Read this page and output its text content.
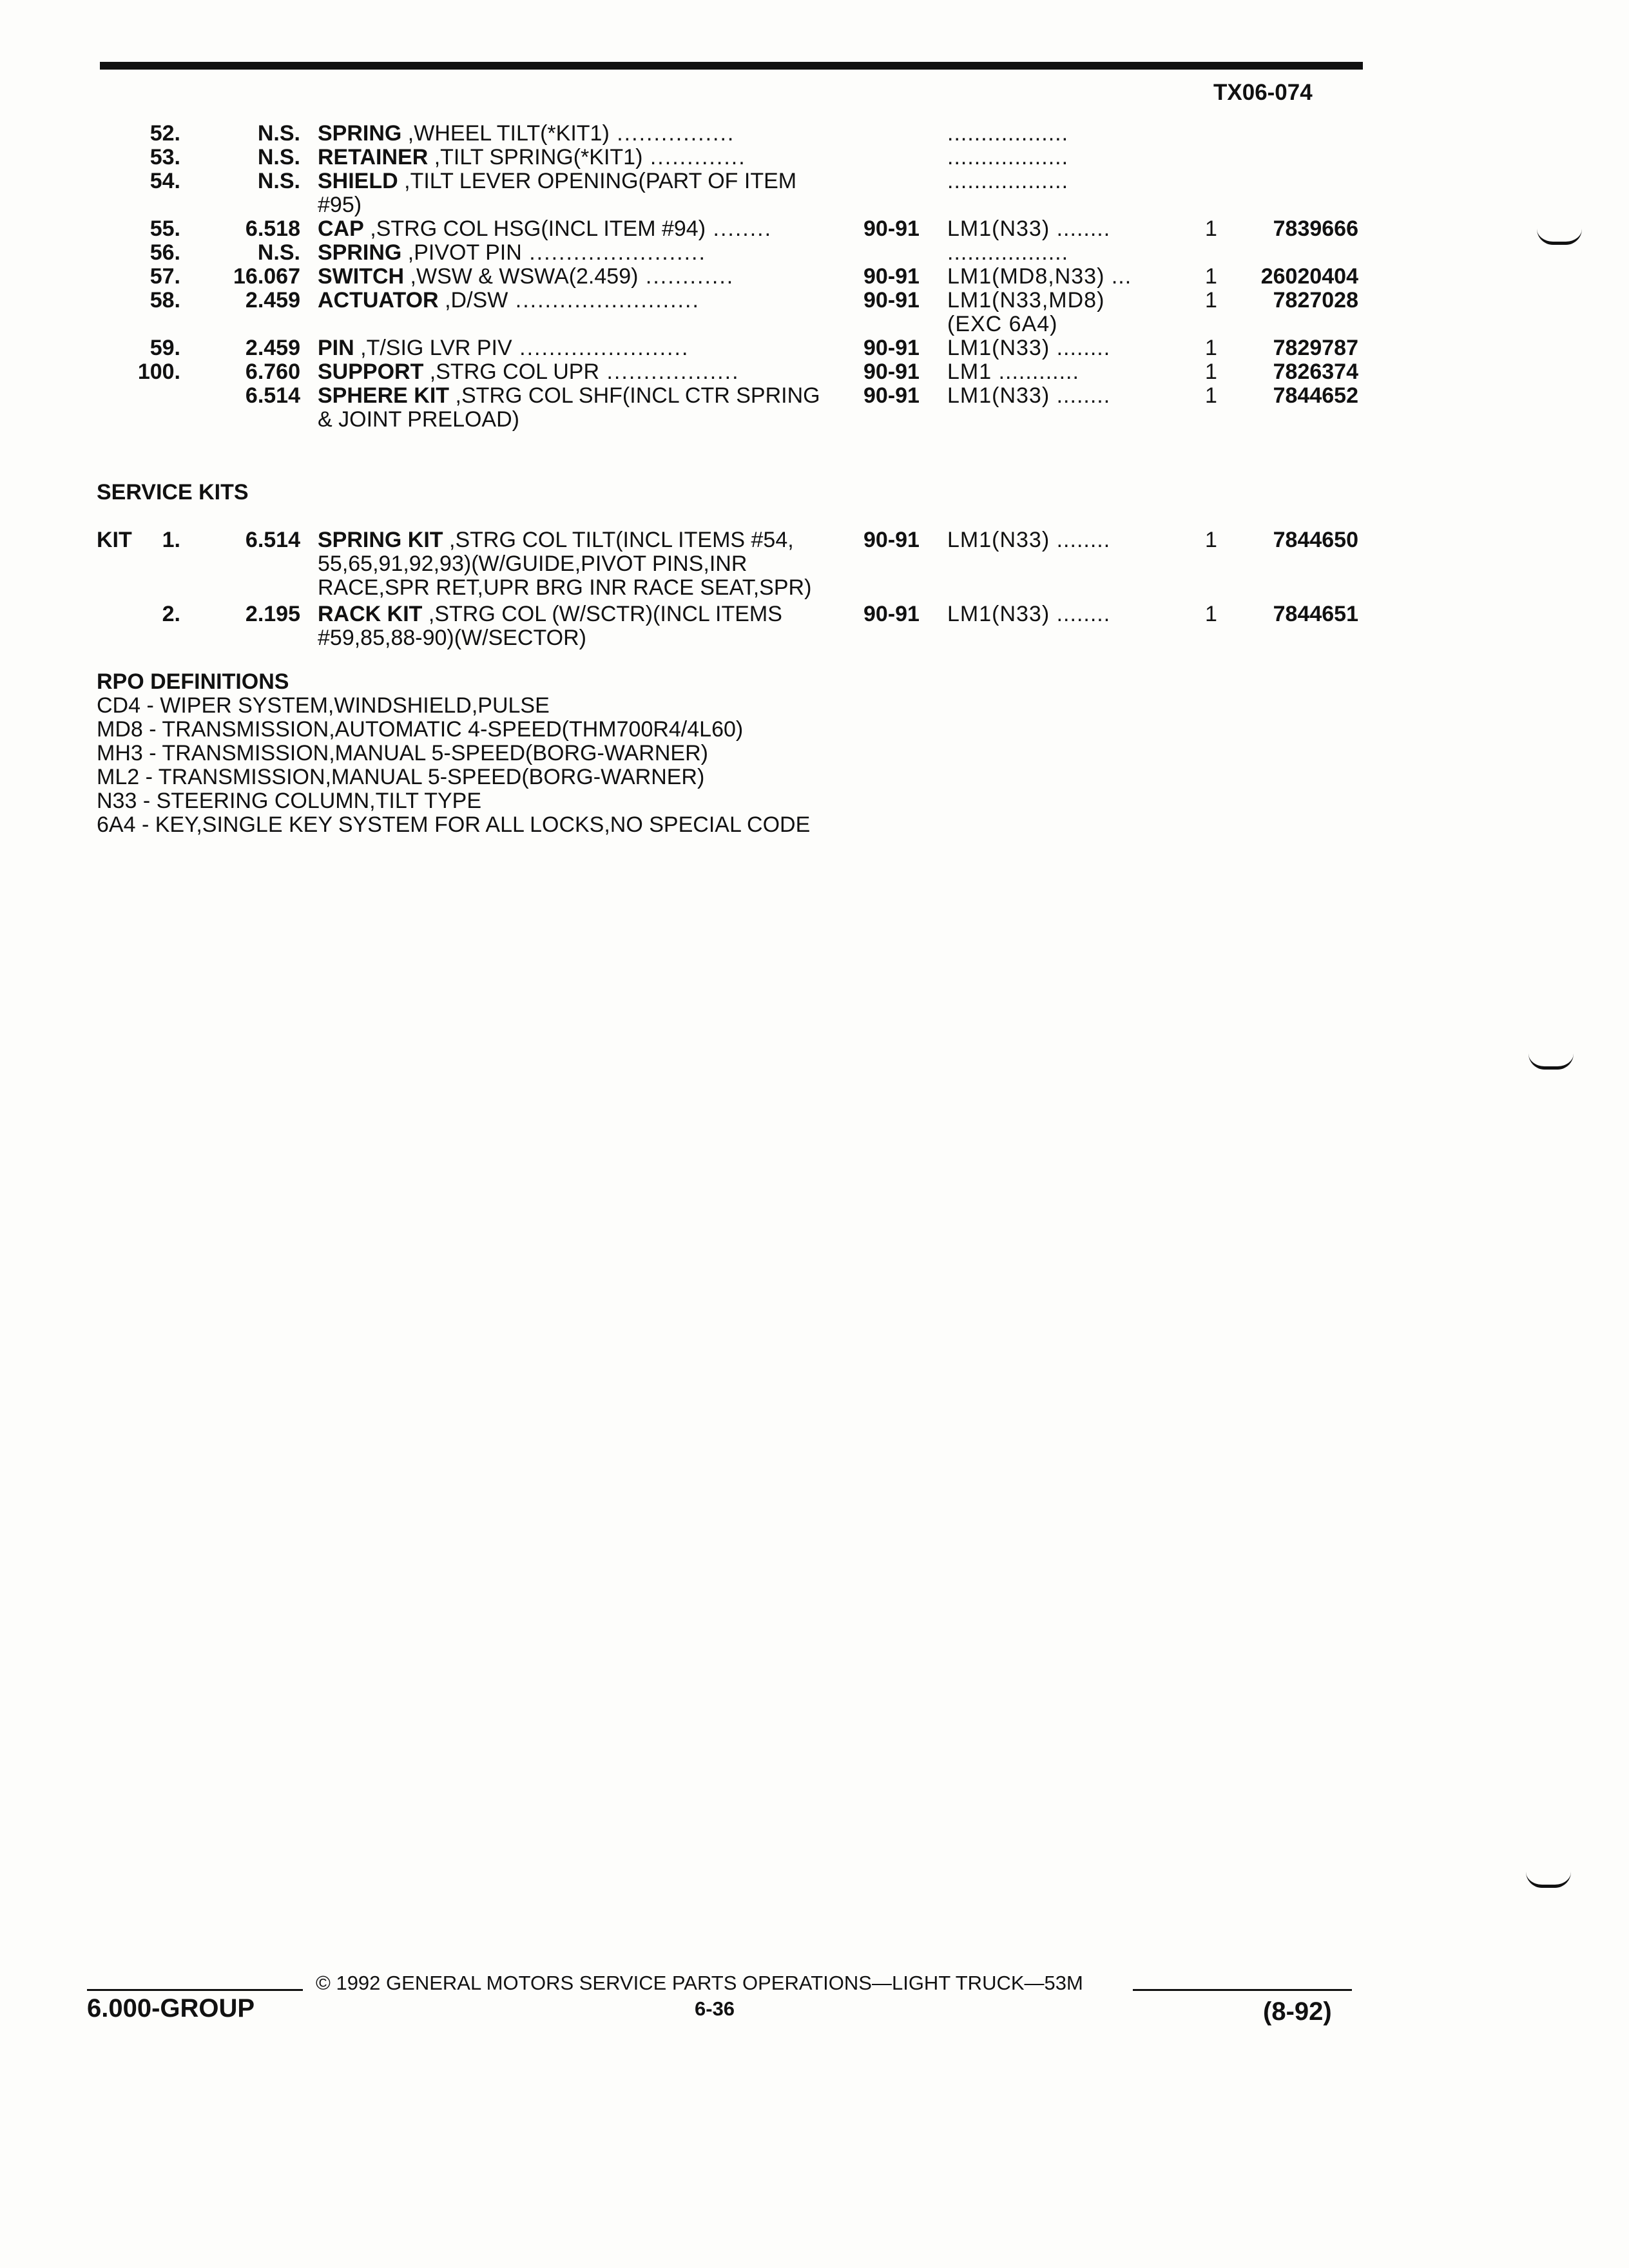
TX06-074
52.	N.S. SPRING ,WHEEL TILT(*KIT1) ................	..................
53.	N.S. RETAINER ,TILT SPRING(*KIT1) .............	..................
54.	N.S. SHIELD ,TILT LEVER OPENING(PART OF ITEM	..................
#95)
55.	6.518 CAP ,STRG COL HSG(INCL ITEM #94) ........	90-91 LM1(N33) ........	1	7839666
56.	N.S. SPRING ,PIVOT PIN ........................	..................
57. 16.067 SWITCH ,WSW & WSWA(2.459) ............	90-91 LM1(MD8,N33) ...	1 26020404
58.	2.459 ACTUATOR ,D/SW .........................	90-91 LM1(N33,MD8)	1	7827028
(EXC 6A4)
59.	2.459 PIN ,T/SIG LVR PIV .......................	90-91 LM1(N33) ........	1	7829787
100.	6.760 SUPPORT ,STRG COL UPR ..................	90-91 LM1 ............	1	7826374
6.514 SPHERE KIT ,STRG COL SHF(INCL CTR SPRING	90-91 LM1(N33) ........	1	7844652
& JOINT PRELOAD)
SERVICE KITS
KIT 1.	6.514 SPRING KIT ,STRG COL TILT(INCL ITEMS #54,	90-91 LM1(N33) ........	1	7844650
55,65,91,92,93)(W/GUIDE,PIVOT PINS,INR
RACE,SPR RET,UPR BRG INR RACE SEAT,SPR)
2.	2.195 RACK KIT ,STRG COL (W/SCTR)(INCL ITEMS	90-91 LM1(N33) ........	1	7844651
#59,85,88-90)(W/SECTOR)
RPO DEFINITIONS
CD4 - WIPER SYSTEM,WINDSHIELD,PULSE
MD8 - TRANSMISSION,AUTOMATIC 4-SPEED(THM700R4/4L60)
MH3 - TRANSMISSION,MANUAL 5-SPEED(BORG-WARNER)
ML2 - TRANSMISSION,MANUAL 5-SPEED(BORG-WARNER)
N33 - STEERING COLUMN,TILT TYPE
6A4 - KEY,SINGLE KEY SYSTEM FOR ALL LOCKS,NO SPECIAL CODE
© 1992 GENERAL MOTORS SERVICE PARTS OPERATIONS—LIGHT TRUCK—53M
6-36
6.000-GROUP	(8-92)
